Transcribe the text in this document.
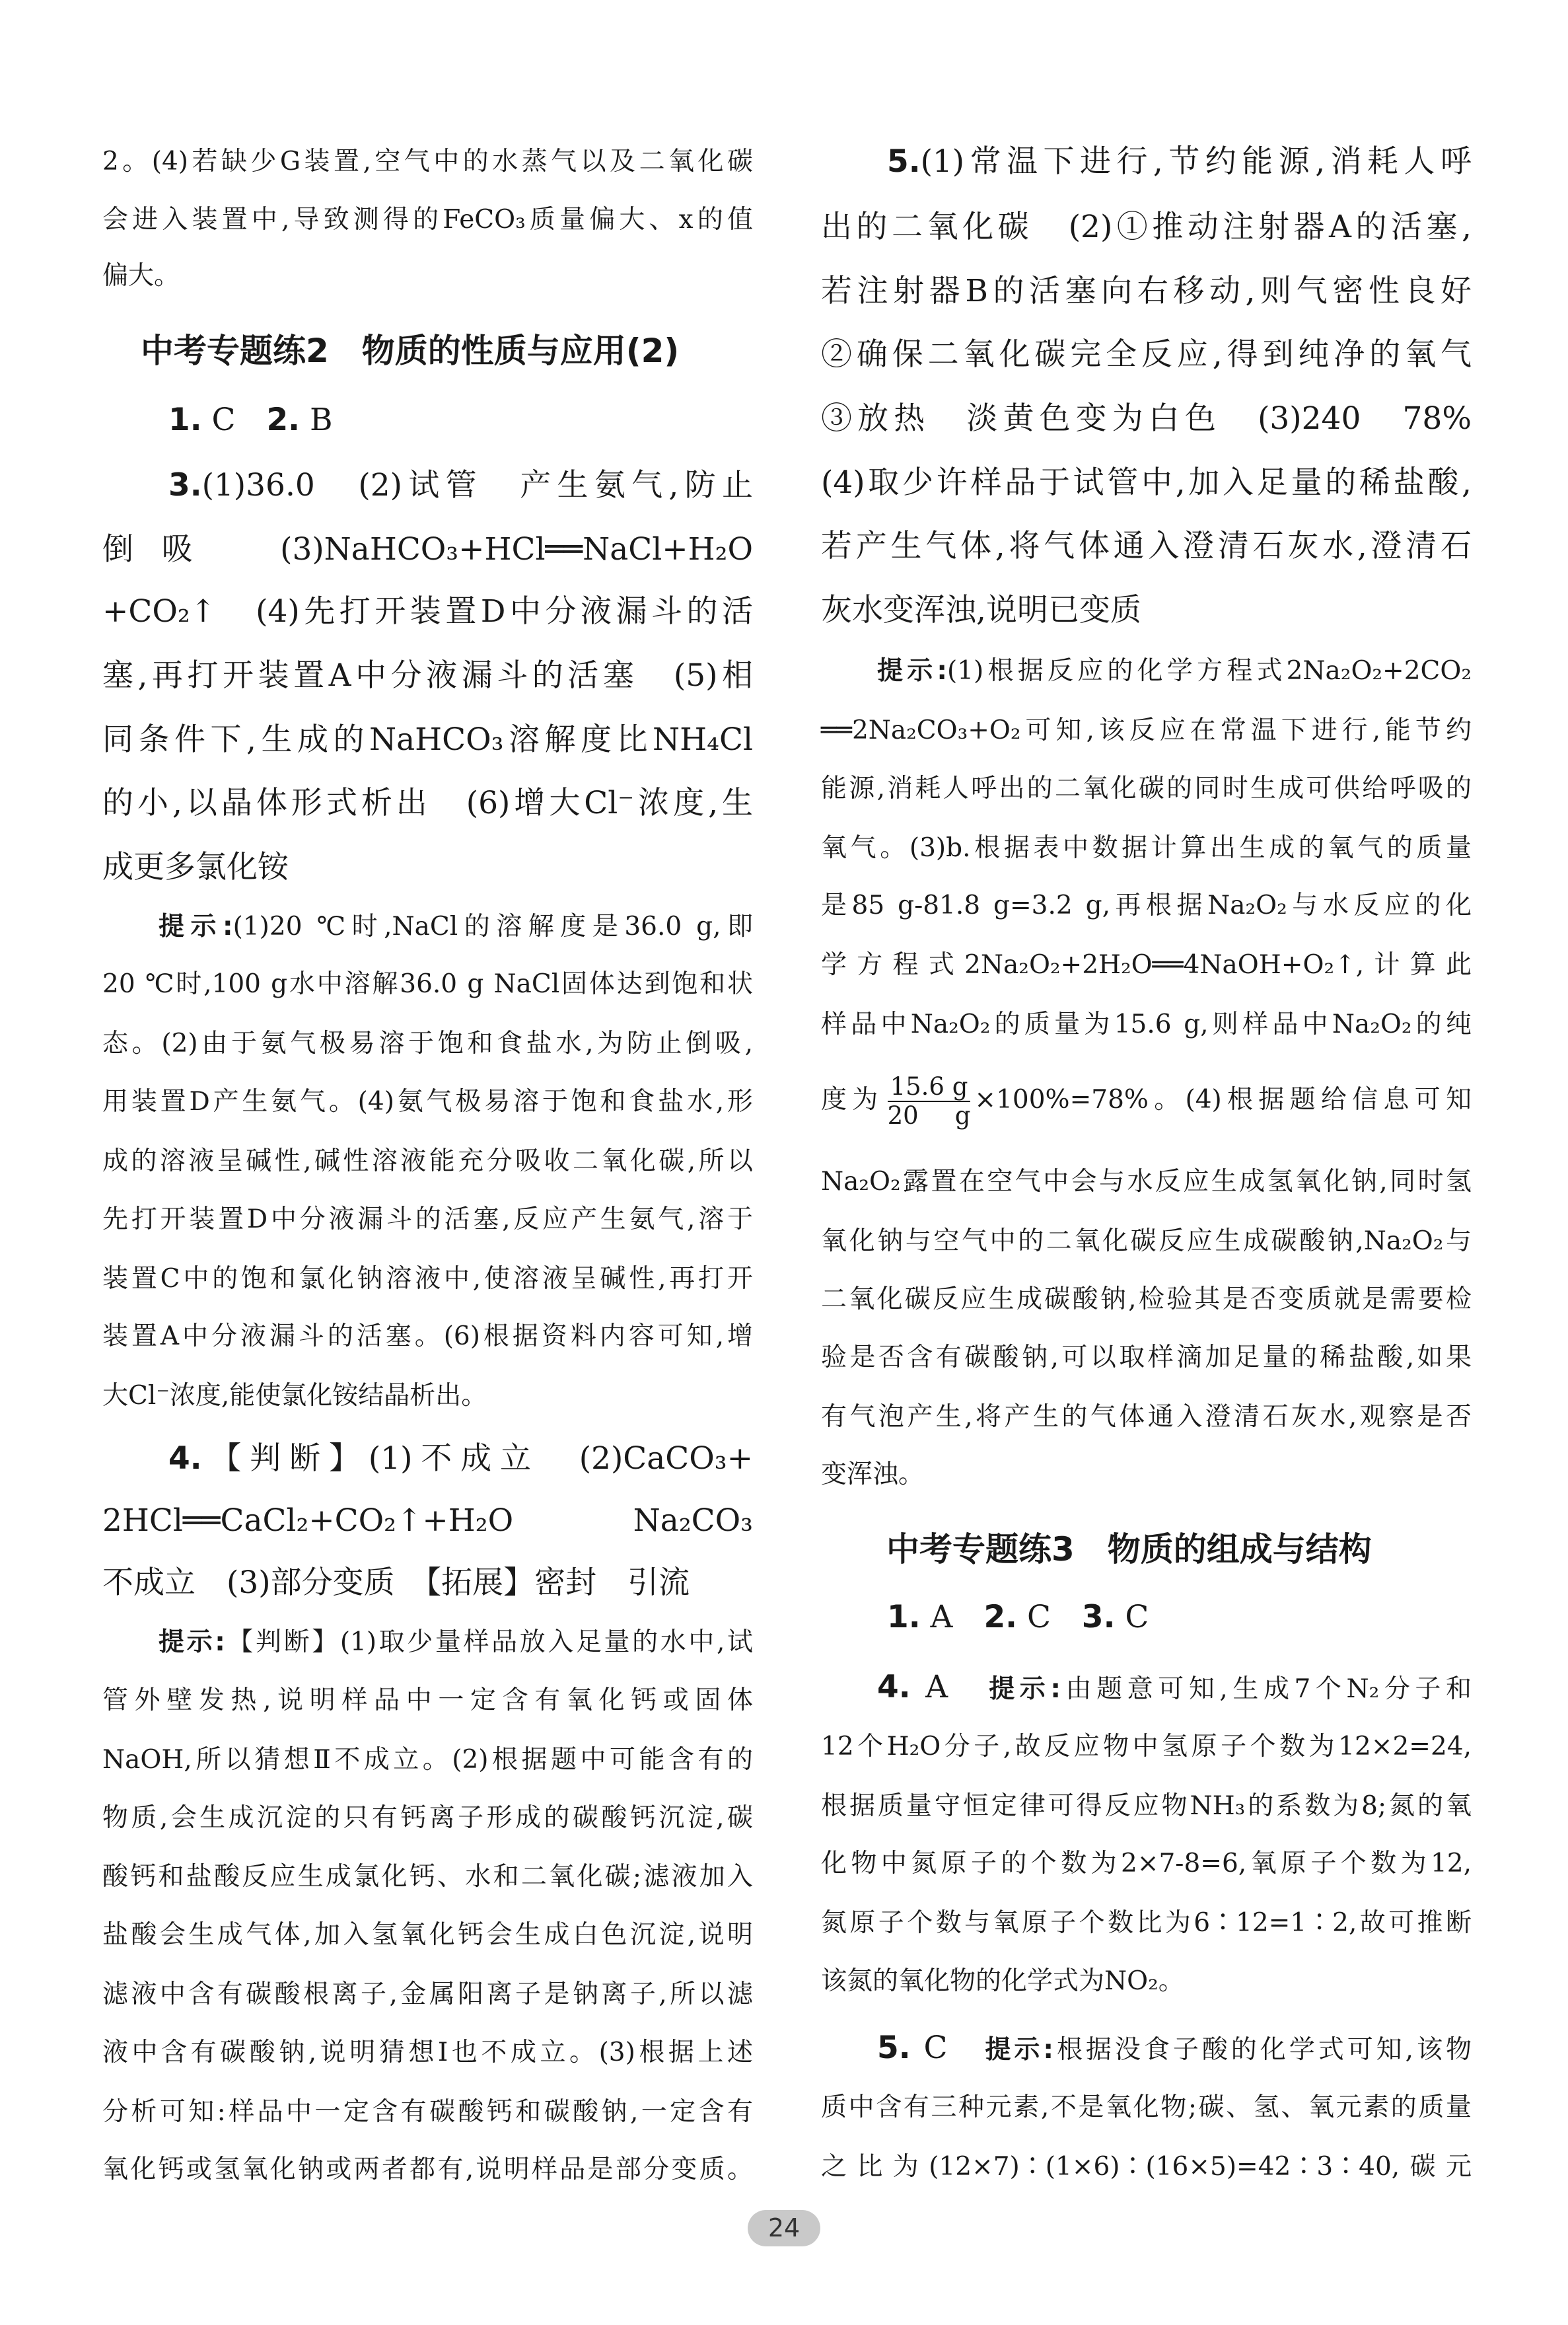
2。(4)若缺少G装置,空气中的水蒸气以及二氧化碳
会进入装置中,导致测得的FeCO₃质量偏大、x的值
偏大。
中考专题练2　物质的性质与应用(2)
1. C　2. B
3.(1)36.0　(2)试管　产生氨气,防止
倒吸　(3)NaHCO₃+HCl══NaCl+H₂O
+CO₂↑　(4)先打开装置D中分液漏斗的活
塞,再打开装置A中分液漏斗的活塞　(5)相
同条件下,生成的NaHCO₃溶解度比NH₄Cl
的小,以晶体形式析出　(6)增大Cl⁻浓度,生
成更多氯化铵
提示:(1)20 ℃时,NaCl的溶解度是36.0 g,即
20 ℃时,100 g水中溶解36.0 g NaCl固体达到饱和状
态。(2)由于氨气极易溶于饱和食盐水,为防止倒吸,
用装置D产生氨气。(4)氨气极易溶于饱和食盐水,形
成的溶液呈碱性,碱性溶液能充分吸收二氧化碳,所以
先打开装置D中分液漏斗的活塞,反应产生氨气,溶于
装置C中的饱和氯化钠溶液中,使溶液呈碱性,再打开
装置A中分液漏斗的活塞。(6)根据资料内容可知,增
大Cl⁻浓度,能使氯化铵结晶析出。
4.【判断】(1)不成立　(2)CaCO₃+
2HCl══CaCl₂+CO₂↑+H₂O　Na₂CO₃
不成立　(3)部分变质　【拓展】密封　引流
提示:【判断】(1)取少量样品放入足量的水中,试
管外壁发热,说明样品中一定含有氧化钙或固体
NaOH,所以猜想Ⅱ不成立。(2)根据题中可能含有的
物质,会生成沉淀的只有钙离子形成的碳酸钙沉淀,碳
酸钙和盐酸反应生成氯化钙、水和二氧化碳;滤液加入
盐酸会生成气体,加入氢氧化钙会生成白色沉淀,说明
滤液中含有碳酸根离子,金属阳离子是钠离子,所以滤
液中含有碳酸钠,说明猜想Ⅰ也不成立。(3)根据上述
分析可知:样品中一定含有碳酸钙和碳酸钠,一定含有
氧化钙或氢氧化钠或两者都有,说明样品是部分变质。
5.(1)常温下进行,节约能源,消耗人呼
出的二氧化碳　(2)①推动注射器A的活塞,
若注射器B的活塞向右移动,则气密性良好
②确保二氧化碳完全反应,得到纯净的氧气
③放热　淡黄色变为白色　(3)240　78%
(4)取少许样品于试管中,加入足量的稀盐酸,
若产生气体,将气体通入澄清石灰水,澄清石
灰水变浑浊,说明已变质
提示:(1)根据反应的化学方程式2Na₂O₂+2CO₂
══2Na₂CO₃+O₂可知,该反应在常温下进行,能节约
能源,消耗人呼出的二氧化碳的同时生成可供给呼吸的
氧气。(3)b.根据表中数据计算出生成的氧气的质量
是85 g-81.8 g=3.2 g,再根据Na₂O₂与水反应的化
学方程式2Na₂O₂+2H₂O══4NaOH+O₂↑,计算此
样品中Na₂O₂的质量为15.6 g,则样品中Na₂O₂的纯
度为 $\frac{15.6 g}{20 g} \times 100\%=78\%$。(4)根据题给信息可知
Na₂O₂露置在空气中会与水反应生成氢氧化钠,同时氢
氧化钠与空气中的二氧化碳反应生成碳酸钠,Na₂O₂与
二氧化碳反应生成碳酸钠,检验其是否变质就是需要检
验是否含有碳酸钠,可以取样滴加足量的稀盐酸,如果
有气泡产生,将产生的气体通入澄清石灰水,观察是否
变浑浊。
中考专题练3　物质的组成与结构
1. A　2. C　3. C
4. A　提示:由题意可知,生成7个N₂分子和
12个H₂O分子,故反应物中氢原子个数为12×2=24,
根据质量守恒定律可得反应物NH₃的系数为8;氮的氧
化物中氮原子的个数为2×7-8=6,氧原子个数为12,
氮原子个数与氧原子个数比为6∶12=1∶2,故可推断
该氮的氧化物的化学式为NO₂。
5. C　提示:根据没食子酸的化学式可知,该物
质中含有三种元素,不是氧化物;碳、氢、氧元素的质量
之比为(12×7)∶(1×6)∶(16×5)=42∶3∶40,碳元
24
